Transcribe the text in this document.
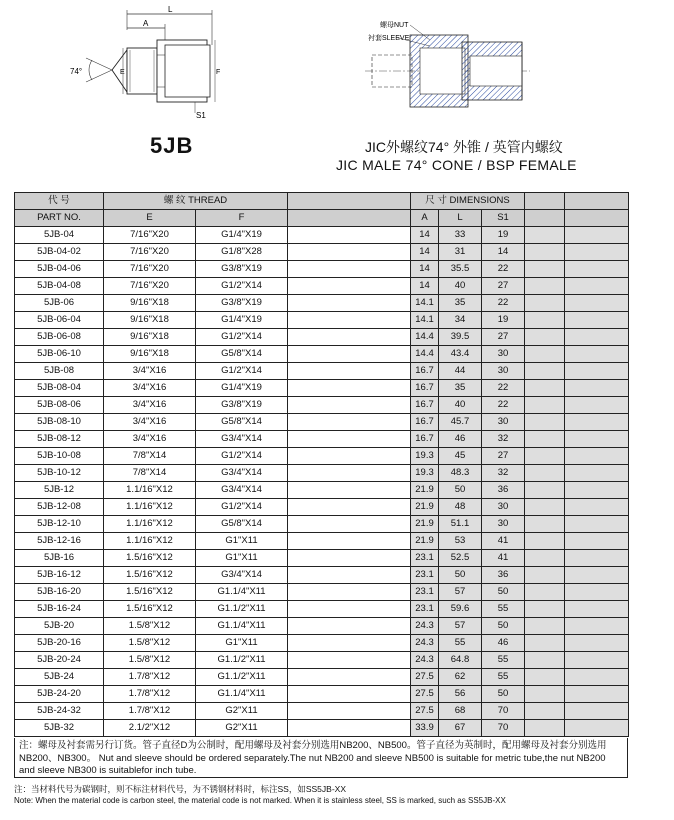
L
A
74°	E	F
S1
螺母NUT
衬套SLEEVE
5JB	JIC外螺纹74° 外锥 / 英管内螺纹
JIC MALE 74° CONE / BSP FEMALE
代 号	螺 纹 THREAD			尺 寸 DIMENSIONS				
PART NO.	E	F		A	L	S1		
5JB-04	7/16"X20	G1/4"X19		14	33	19		
5JB-04-02	7/16"X20	G1/8"X28		14	31	14		
5JB-04-06	7/16"X20	G3/8"X19		14	35.5	22		
5JB-04-08	7/16"X20	G1/2"X14		14	40	27		
5JB-06	9/16"X18	G3/8"X19		14.1	35	22		
5JB-06-04	9/16"X18	G1/4"X19		14.1	34	19		
5JB-06-08	9/16"X18	G1/2"X14		14.4	39.5	27		
5JB-06-10	9/16"X18	G5/8"X14		14.4	43.4	30		
5JB-08	3/4"X16	G1/2"X14		16.7	44	30		
5JB-08-04	3/4"X16	G1/4"X19		16.7	35	22		
5JB-08-06	3/4"X16	G3/8"X19		16.7	40	22		
5JB-08-10	3/4"X16	G5/8"X14		16.7	45.7	30		
5JB-08-12	3/4"X16	G3/4"X14		16.7	46	32		
5JB-10-08	7/8"X14	G1/2"X14		19.3	45	27		
5JB-10-12	7/8"X14	G3/4"X14		19.3	48.3	32		
5JB-12	1.1/16"X12	G3/4"X14		21.9	50	36		
5JB-12-08	1.1/16"X12	G1/2"X14		21.9	48	30		
5JB-12-10	1.1/16"X12	G5/8"X14		21.9	51.1	30		
5JB-12-16	1.1/16"X12	G1"X11		21.9	53	41		
5JB-16	1.5/16"X12	G1"X11		23.1	52.5	41		
5JB-16-12	1.5/16"X12	G3/4"X14		23.1	50	36		
5JB-16-20	1.5/16"X12	G1.1/4"X11		23.1	57	50		
5JB-16-24	1.5/16"X12	G1.1/2"X11		23.1	59.6	55		
5JB-20	1.5/8"X12	G1.1/4"X11		24.3	57	50		
5JB-20-16	1.5/8"X12	G1"X11		24.3	55	46		
5JB-20-24	1.5/8"X12	G1.1/2"X11		24.3	64.8	55		
5JB-24	1.7/8"X12	G1.1/2"X11		27.5	62	55		
5JB-24-20	1.7/8"X12	G1.1/4"X11		27.5	56	50		
5JB-24-32	1.7/8"X12	G2"X11		27.5	68	70		
5JB-32	2.1/2"X12	G2"X11		33.9	67	70		
注：螺母及衬套需另行订货。管子直径D为公制时，配用螺母及衬套分别选用NB200、NB500。管子直径为英制时，配用螺母及衬套分别选用NB200、NB300。 Nut and sleeve should be ordered separately.The nut NB200 and sleeve NB500 is suitable for metric tube,the nut NB200 and sleeve NB300 is suitablefor inch tube.
注：当材料代号为碳钢时，则不标注材料代号，为不锈钢材料时，标注SS，如SS5JB-XX
Note: When the material code is carbon steel, the material code is not marked. When it is stainless steel, SS is marked, such as SS5JB-XX
